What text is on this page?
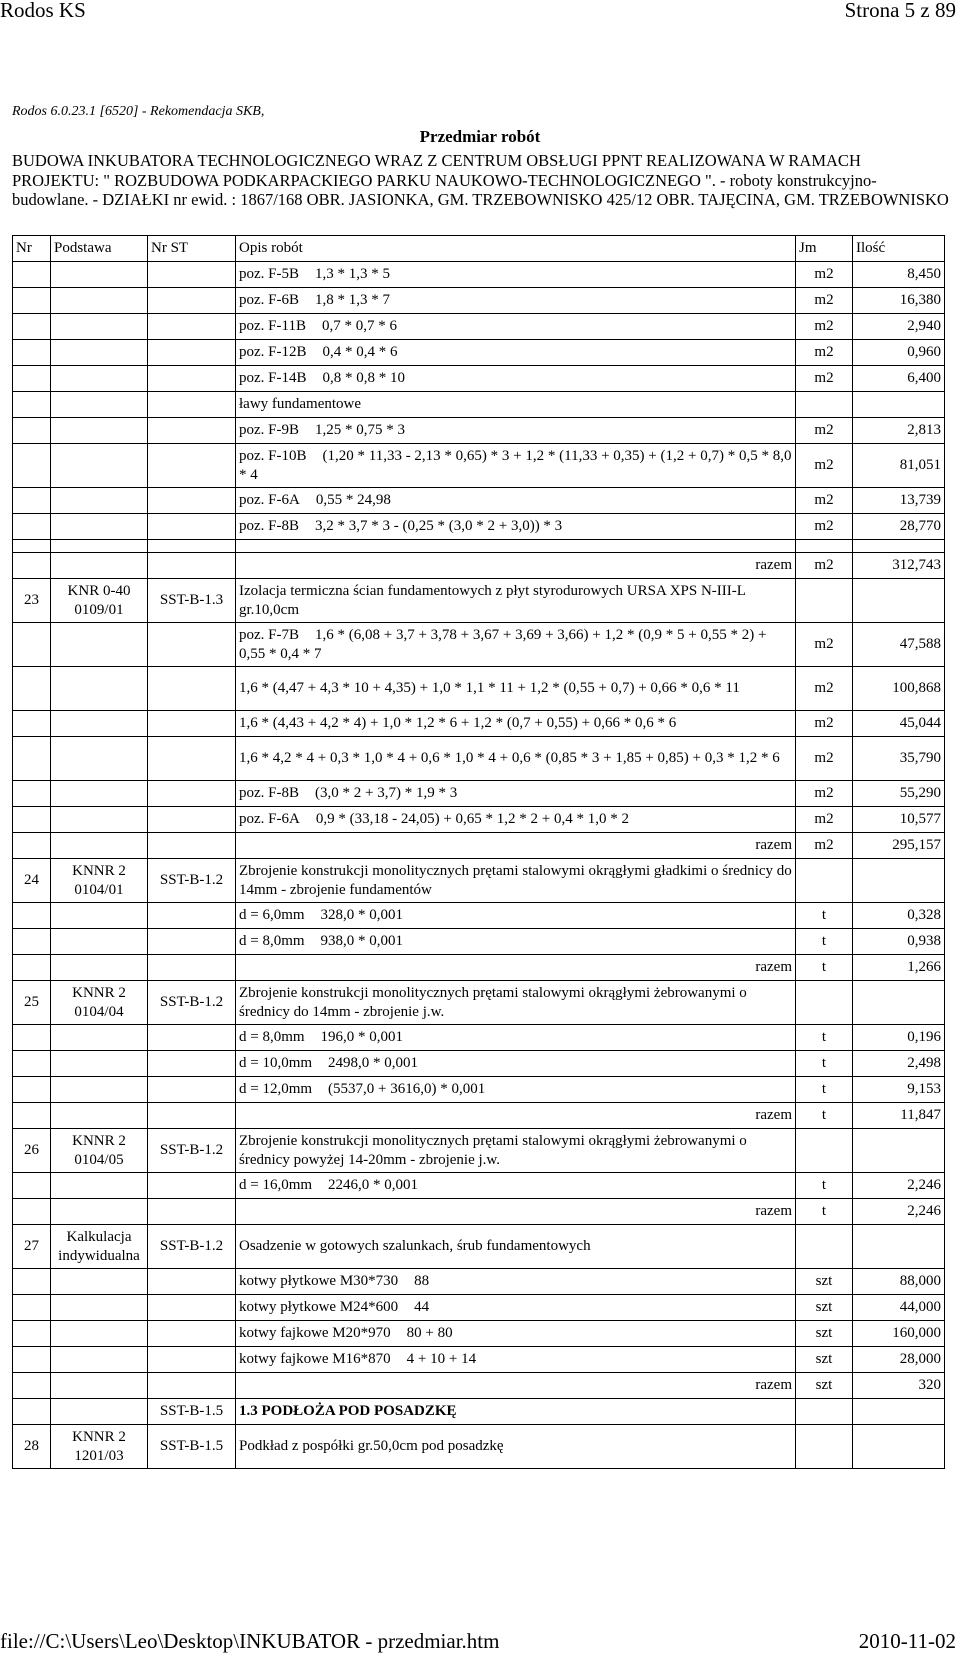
Rodos KS	Strona 5 z 89
Rodos 6.0.23.1 [6520] - Rekomendacja SKB,
Przedmiar robót
BUDOWA INKUBATORA TECHNOLOGICZNEGO WRAZ Z CENTRUM OBSŁUGI PPNT REALIZOWANA W RAMACH PROJEKTU: " ROZBUDOWA PODKARPACKIEGO PARKU NAUKOWO-TECHNOLOGICZNEGO ". - roboty konstrukcyjno-budowlane. - DZIAŁKI nr ewid. : 1867/168 OBR. JASIONKA, GM. TRZEBOWNISKO 425/12 OBR. TAJĘCINA, GM. TRZEBOWNISKO
Nr	Podstawa	Nr ST	Opis robót	Jm	Ilość
			poz. F-5B 1,3 * 1,3 * 5	m2	8,450
			poz. F-6B 1,8 * 1,3 * 7	m2	16,380
			poz. F-11B 0,7 * 0,7 * 6	m2	2,940
			poz. F-12B 0,4 * 0,4 * 6	m2	0,960
			poz. F-14B 0,8 * 0,8 * 10	m2	6,400
			ławy fundamentowe		
			poz. F-9B 1,25 * 0,75 * 3	m2	2,813
			poz. F-10B (1,20 * 11,33 - 2,13 * 0,65) * 3 + 1,2 * (11,33 + 0,35) + (1,2 + 0,7) * 0,5 * 8,0 * 4	m2	81,051
			poz. F-6A 0,55 * 24,98	m2	13,739
			poz. F-8B 3,2 * 3,7 * 3 - (0,25 * (3,0 * 2 + 3,0)) * 3	m2	28,770

			razem	m2	312,743
23	KNR 0-40 0109/01	SST-B-1.3	Izolacja termiczna ścian fundamentowych z płyt styrodurowych URSA XPS N-III-L gr.10,0cm		
			poz. F-7B 1,6 * (6,08 + 3,7 + 3,78 + 3,67 + 3,69 + 3,66) + 1,2 * (0,9 * 5 + 0,55 * 2) + 0,55 * 0,4 * 7	m2	47,588
			1,6 * (4,47 + 4,3 * 10 + 4,35) + 1,0 * 1,1 * 11 + 1,2 * (0,55 + 0,7) + 0,66 * 0,6 * 11	m2	100,868
			1,6 * (4,43 + 4,2 * 4) + 1,0 * 1,2 * 6 + 1,2 * (0,7 + 0,55) + 0,66 * 0,6 * 6	m2	45,044
			1,6 * 4,2 * 4 + 0,3 * 1,0 * 4 + 0,6 * 1,0 * 4 + 0,6 * (0,85 * 3 + 1,85 + 0,85) + 0,3 * 1,2 * 6	m2	35,790
			poz. F-8B (3,0 * 2 + 3,7) * 1,9 * 3	m2	55,290
			poz. F-6A 0,9 * (33,18 - 24,05) + 0,65 * 1,2 * 2 + 0,4 * 1,0 * 2	m2	10,577
			razem	m2	295,157
24	KNNR 2 0104/01	SST-B-1.2	Zbrojenie konstrukcji monolitycznych prętami stalowymi okrągłymi gładkimi o średnicy do 14mm - zbrojenie fundamentów		
			d = 6,0mm 328,0 * 0,001	t	0,328
			d = 8,0mm 938,0 * 0,001	t	0,938
			razem	t	1,266
25	KNNR 2 0104/04	SST-B-1.2	Zbrojenie konstrukcji monolitycznych prętami stalowymi okrągłymi żebrowanymi o średnicy do 14mm - zbrojenie j.w.		
			d = 8,0mm 196,0 * 0,001	t	0,196
			d = 10,0mm 2498,0 * 0,001	t	2,498
			d = 12,0mm (5537,0 + 3616,0) * 0,001	t	9,153
			razem	t	11,847
26	KNNR 2 0104/05	SST-B-1.2	Zbrojenie konstrukcji monolitycznych prętami stalowymi okrągłymi żebrowanymi o średnicy powyżej 14-20mm - zbrojenie j.w.		
			d = 16,0mm 2246,0 * 0,001	t	2,246
			razem	t	2,246
27	Kalkulacja indywidualna	SST-B-1.2	Osadzenie w gotowych szalunkach, śrub fundamentowych		
			kotwy płytkowe M30*730 88	szt	88,000
			kotwy płytkowe M24*600 44	szt	44,000
			kotwy fajkowe M20*970 80 + 80	szt	160,000
			kotwy fajkowe M16*870 4 + 10 + 14	szt	28,000
			razem	szt	320
		SST-B-1.5	1.3 PODŁOŻA POD POSADZKĘ		
28	KNNR 2 1201/03	SST-B-1.5	Podkład z pospółki gr.50,0cm pod posadzkę		
file://C:\Users\Leo\Desktop\INKUBATOR - przedmiar.htm	2010-11-02
